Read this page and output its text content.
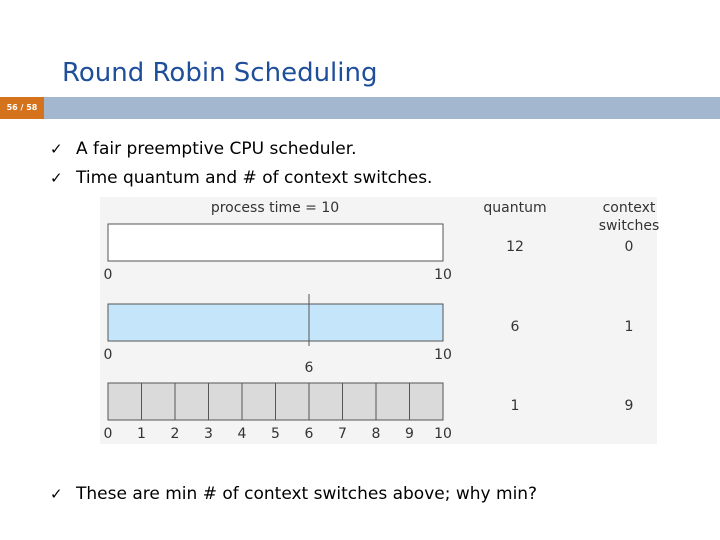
Round Robin Scheduling
56 / 58
✓ A fair preemptive CPU scheduler.
✓ Time quantum and # of context switches.
process time = 10	quantum	context
switches
0	10
12	0
6
0	10
6	1
0 1 2 3 4 5 6 7 8 9 10
1	9
✓ These are min # of context switches above; why min?
